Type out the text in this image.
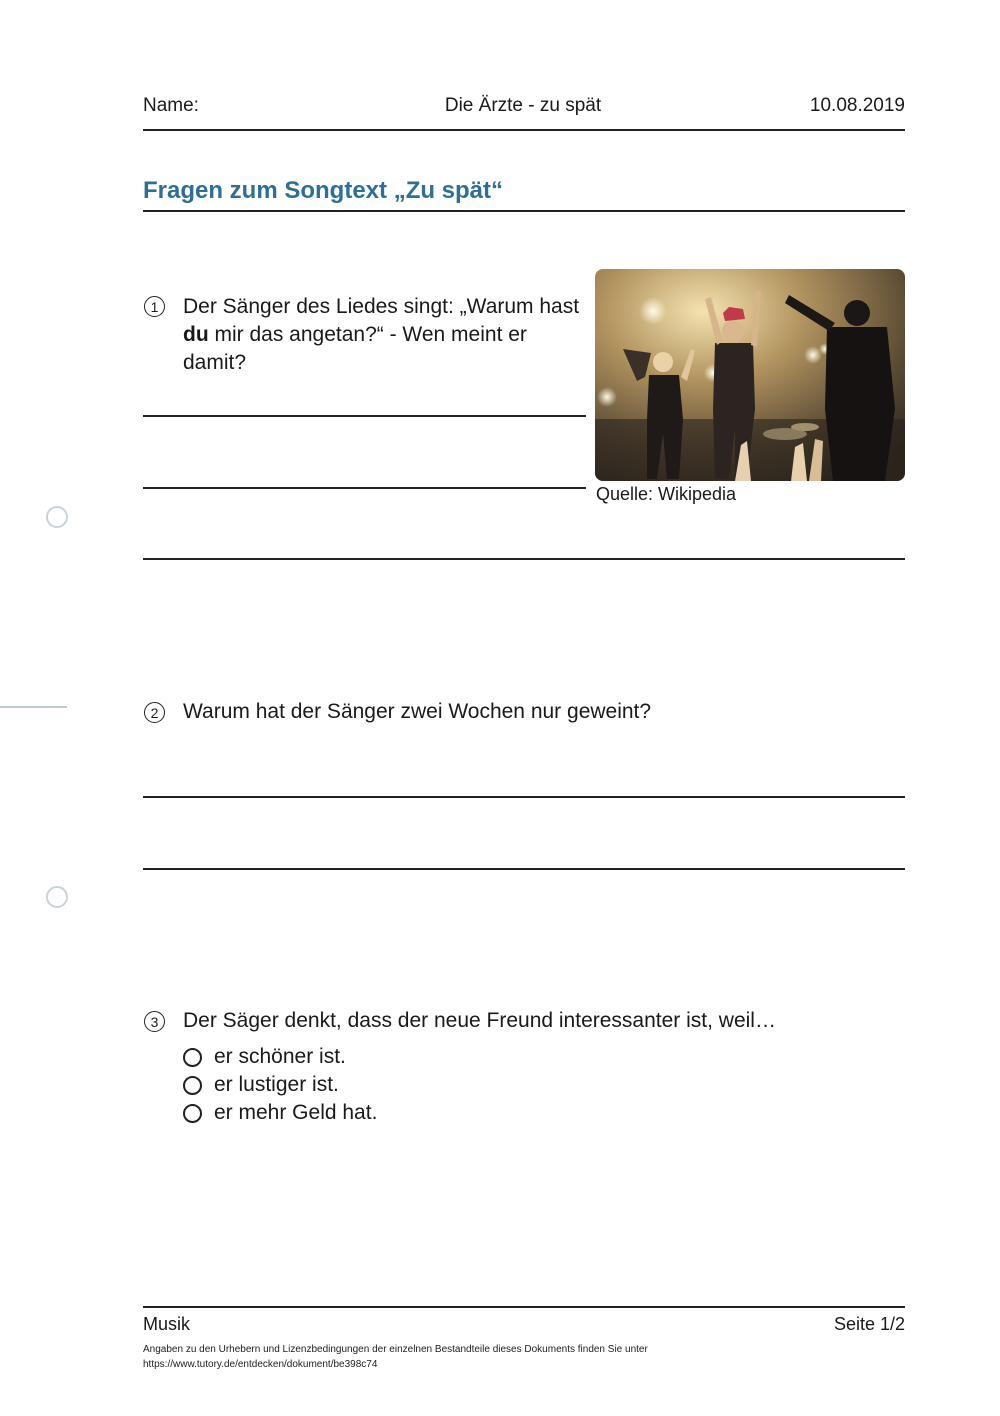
Name:	Die Ärzte - zu spät	10.08.2019
Fragen zum Songtext „Zu spät“
1	Der Sänger des Liedes singt: „Warum hast du mir das angetan?“ - Wen meint er damit?
Quelle: Wikipedia
2	Warum hat der Sänger zwei Wochen nur geweint?
3	Der Säger denkt, dass der neue Freund interessanter ist, weil…
er schöner ist.
er lustiger ist.
er mehr Geld hat.
Musik	Seite 1/2
Angaben zu den Urhebern und Lizenzbedingungen der einzelnen Bestandteile dieses Dokuments finden Sie unter
https://www.tutory.de/entdecken/dokument/be398c74
